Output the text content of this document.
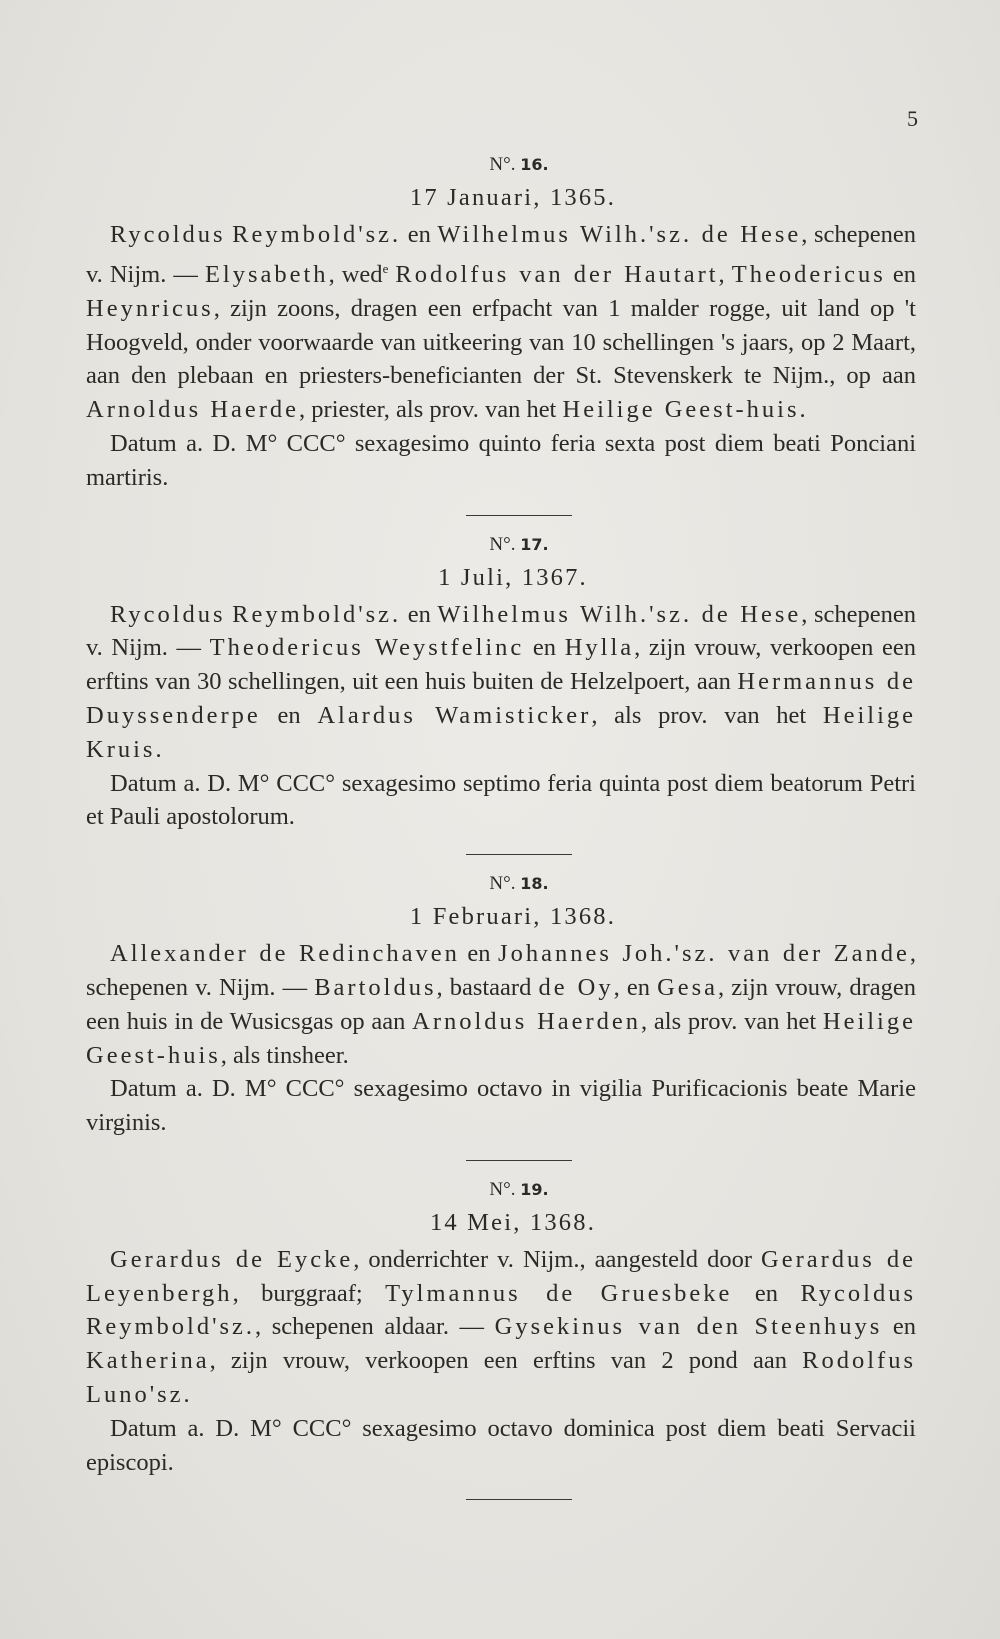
5
N°. 16.
17 Januari, 1365.

Rycoldus Reymbold'sz. en Wilhelmus Wilh.'sz. de Hese, schepenen v. Nijm. — Elysabeth, wed$^e$ Rodolfus van der Hautart, Theodericus en Heynricus, zijn zoons, dragen een erfpacht van 1 malder rogge, uit land op 't Hoogveld, onder voorwaarde van uitkeering van 10 schellingen 's jaars, op 2 Maart, aan den plebaan en priesters-beneficianten der St. Stevenskerk te Nijm., op aan Arnoldus Haerde, priester, als prov. van het Heilige Geest-huis.

Datum a. D. M° CCC° sexagesimo quinto feria sexta post diem beati Ponciani martiris.

N°. 17.
1 Juli, 1367.

Rycoldus Reymbold'sz. en Wilhelmus Wilh.'sz. de Hese, schepenen v. Nijm. — Theodericus Weystfelinc en Hylla, zijn vrouw, verkoopen een erftins van 30 schellingen, uit een huis buiten de Helzelpoert, aan Hermannus de Duyssenderpe en Alardus Wamisticker, als prov. van het Heilige Kruis.

Datum a. D. M° CCC° sexagesimo septimo feria quinta post diem beatorum Petri et Pauli apostolorum.

N°. 18.
1 Februari, 1368.

Allexander de Redinchaven en Johannes Joh.'sz. van der Zande, schepenen v. Nijm. — Bartoldus, bastaard de Oy, en Gesa, zijn vrouw, dragen een huis in de Wusicsgas op aan Arnoldus Haerden, als prov. van het Heilige Geest-huis, als tinsheer.

Datum a. D. M° CCC° sexagesimo octavo in vigilia Purificacionis beate Marie virginis.

N°. 19.
14 Mei, 1368.

Gerardus de Eycke, onderrichter v. Nijm., aangesteld door Gerardus de Leyenbergh, burggraaf; Tylmannus de Gruesbeke en Rycoldus Reymbold'sz., schepenen aldaar. — Gysekinus van den Steenhuys en Katherina, zijn vrouw, verkoopen een erftins van 2 pond aan Rodolfus Luno'sz.

Datum a. D. M° CCC° sexagesimo octavo dominica post diem beati Servacii episcopi.
